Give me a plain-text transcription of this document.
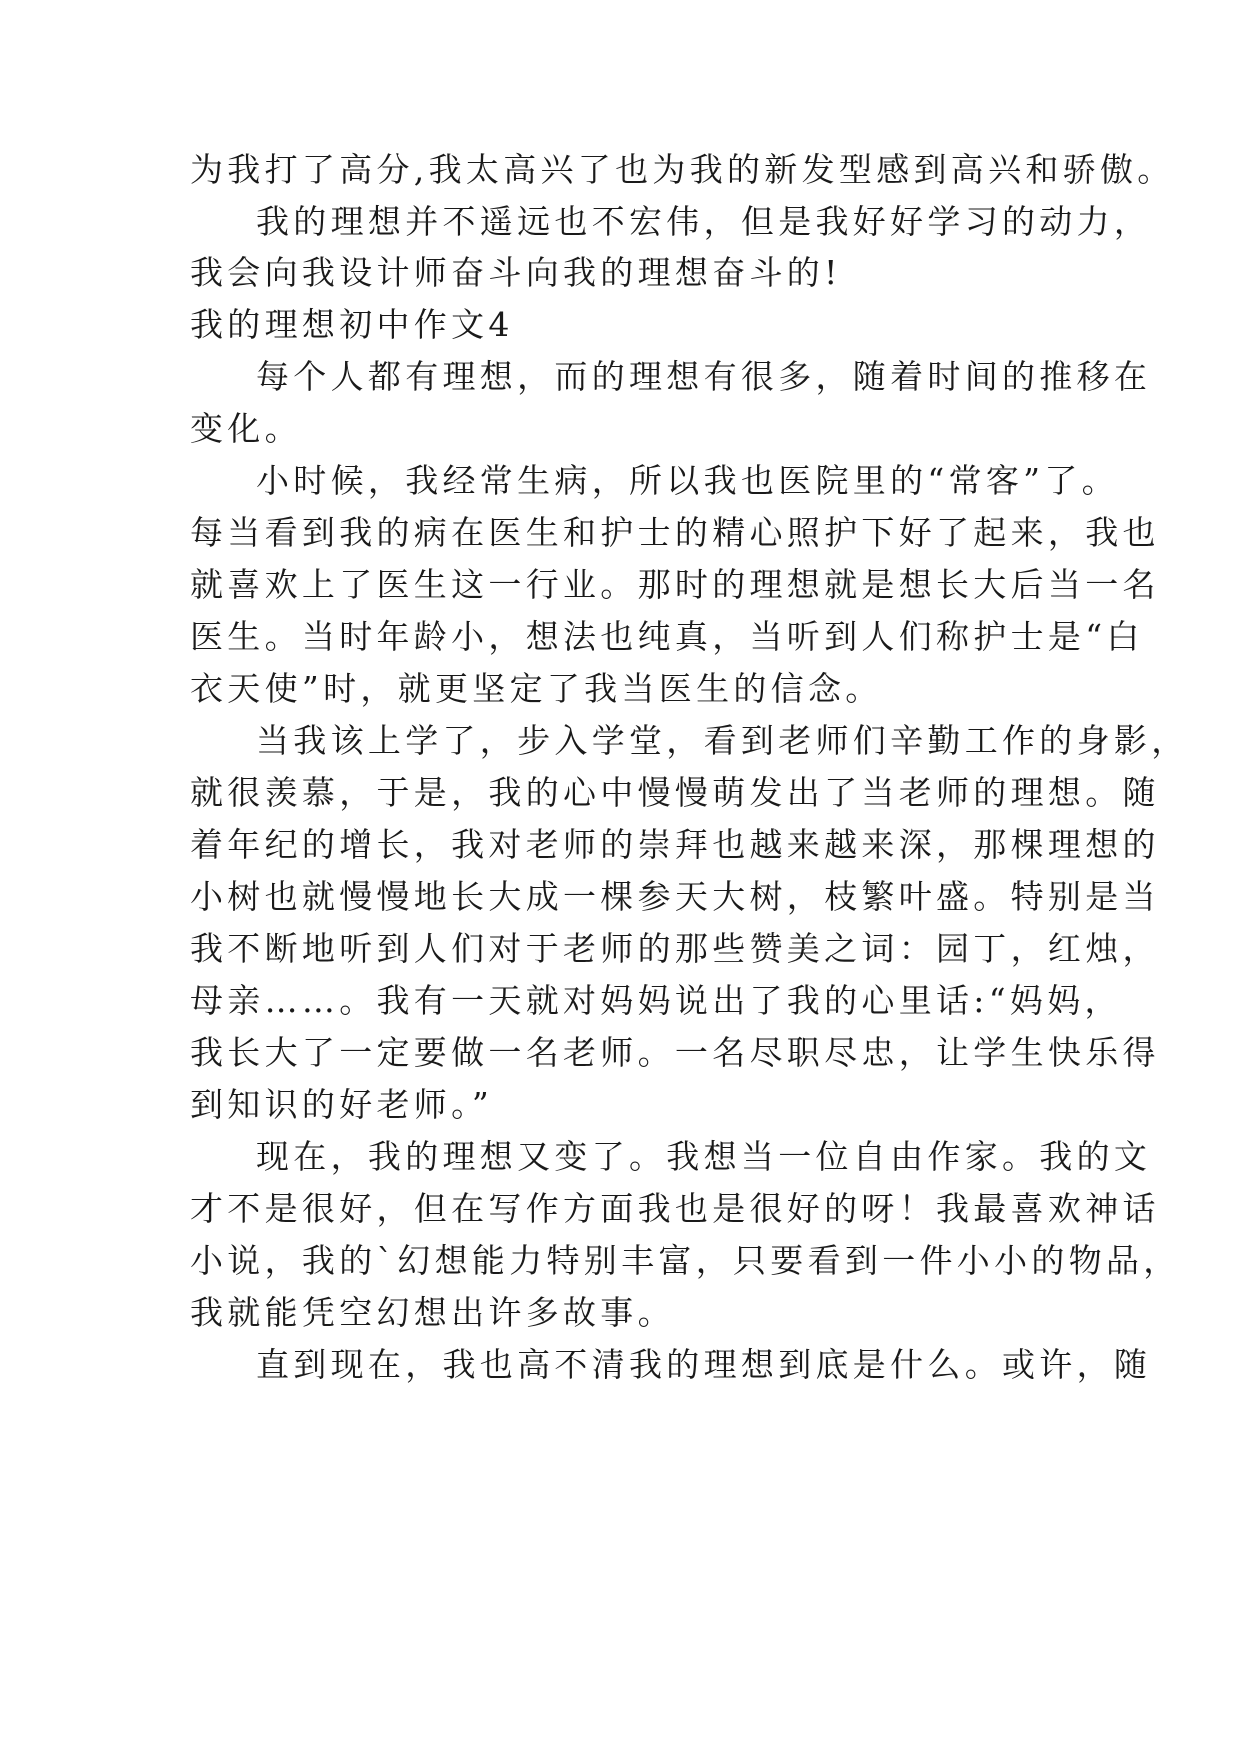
为我打了高分,我太高兴了也为我的新发型感到高兴和骄傲。
我的理想并不遥远也不宏伟，但是我好好学习的动力，
我会向我设计师奋斗向我的理想奋斗的!
我的理想初中作文4
每个人都有理想，而的理想有很多，随着时间的推移在
变化。
小时候，我经常生病，所以我也医院里的“常客”了。
每当看到我的病在医生和护士的精心照护下好了起来，我也
就喜欢上了医生这一行业。那时的理想就是想长大后当一名
医生。当时年龄小，想法也纯真，当听到人们称护士是“白
衣天使”时，就更坚定了我当医生的信念。
当我该上学了，步入学堂，看到老师们辛勤工作的身影，
就很羡慕，于是，我的心中慢慢萌发出了当老师的理想。随
着年纪的增长，我对老师的崇拜也越来越来深，那棵理想的
小树也就慢慢地长大成一棵参天大树，枝繁叶盛。特别是当
我不断地听到人们对于老师的那些赞美之词：园丁，红烛，
母亲……。我有一天就对妈妈说出了我的心里话:“妈妈，
我长大了一定要做一名老师。一名尽职尽忠，让学生快乐得
到知识的好老师。”
现在，我的理想又变了。我想当一位自由作家。我的文
才不是很好，但在写作方面我也是很好的呀！我最喜欢神话
小说，我的`幻想能力特别丰富，只要看到一件小小的物品，
我就能凭空幻想出许多故事。
直到现在，我也高不清我的理想到底是什么。或许，随
